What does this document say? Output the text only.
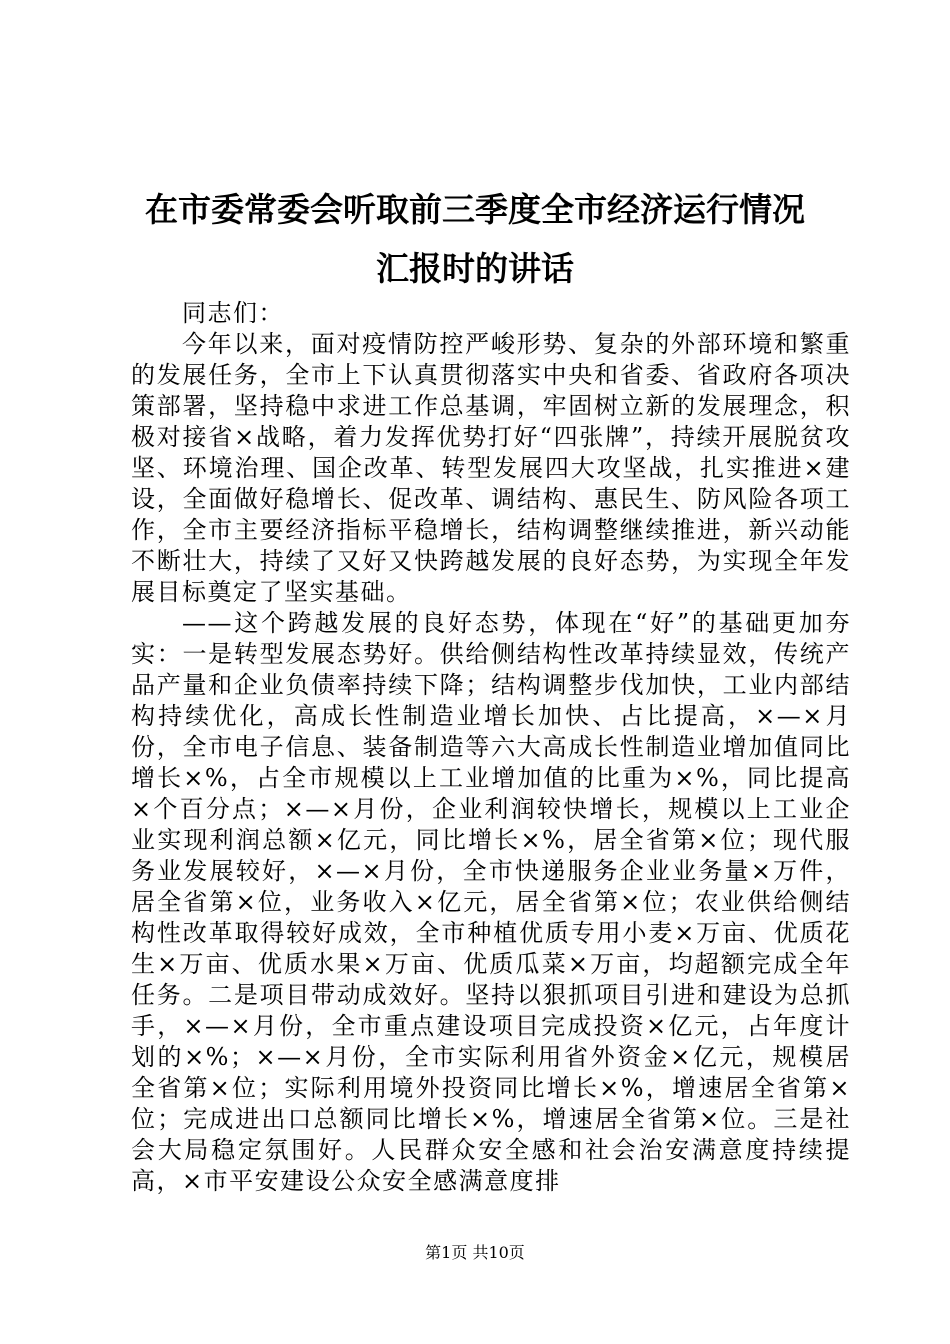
在市委常委会听取前三季度全市经济运行情况
汇报时的讲话

同志们：

今年以来，面对疫情防控严峻形势、复杂的外部环境和繁重的发展任务，全市上下认真贯彻落实中央和省委、省政府各项决策部署，坚持稳中求进工作总基调，牢固树立新的发展理念，积极对接省×战略，着力发挥优势打好“四张牌”，持续开展脱贫攻坚、环境治理、国企改革、转型发展四大攻坚战，扎实推进×建设，全面做好稳增长、促改革、调结构、惠民生、防风险各项工作，全市主要经济指标平稳增长，结构调整继续推进，新兴动能不断壮大，持续了又好又快跨越发展的良好态势，为实现全年发展目标奠定了坚实基础。

——这个跨越发展的良好态势，体现在“好”的基础更加夯实：一是转型发展态势好。供给侧结构性改革持续显效，传统产品产量和企业负债率持续下降；结构调整步伐加快，工业内部结构持续优化，高成长性制造业增长加快、占比提高，×—×月份，全市电子信息、装备制造等六大高成长性制造业增加值同比增长×%，占全市规模以上工业增加值的比重为×%，同比提高×个百分点；×—×月份，企业利润较快增长，规模以上工业企业实现利润总额×亿元，同比增长×%，居全省第×位；现代服务业发展较好，×—×月份，全市快递服务企业业务量×万件，居全省第×位，业务收入×亿元，居全省第×位；农业供给侧结构性改革取得较好成效，全市种植优质专用小麦×万亩、优质花生×万亩、优质水果×万亩、优质瓜菜×万亩，均超额完成全年任务。二是项目带动成效好。坚持以狠抓项目引进和建设为总抓手，×—×月份，全市重点建设项目完成投资×亿元，占年度计划的×%；×—×月份，全市实际利用省外资金×亿元，规模居全省第×位；实际利用境外投资同比增长×%，增速居全省第×位；完成进出口总额同比增长×%，增速居全省第×位。三是社会大局稳定氛围好。人民群众安全感和社会治安满意度持续提高，×市平安建设公众安全感满意度排

第1页 共10页
